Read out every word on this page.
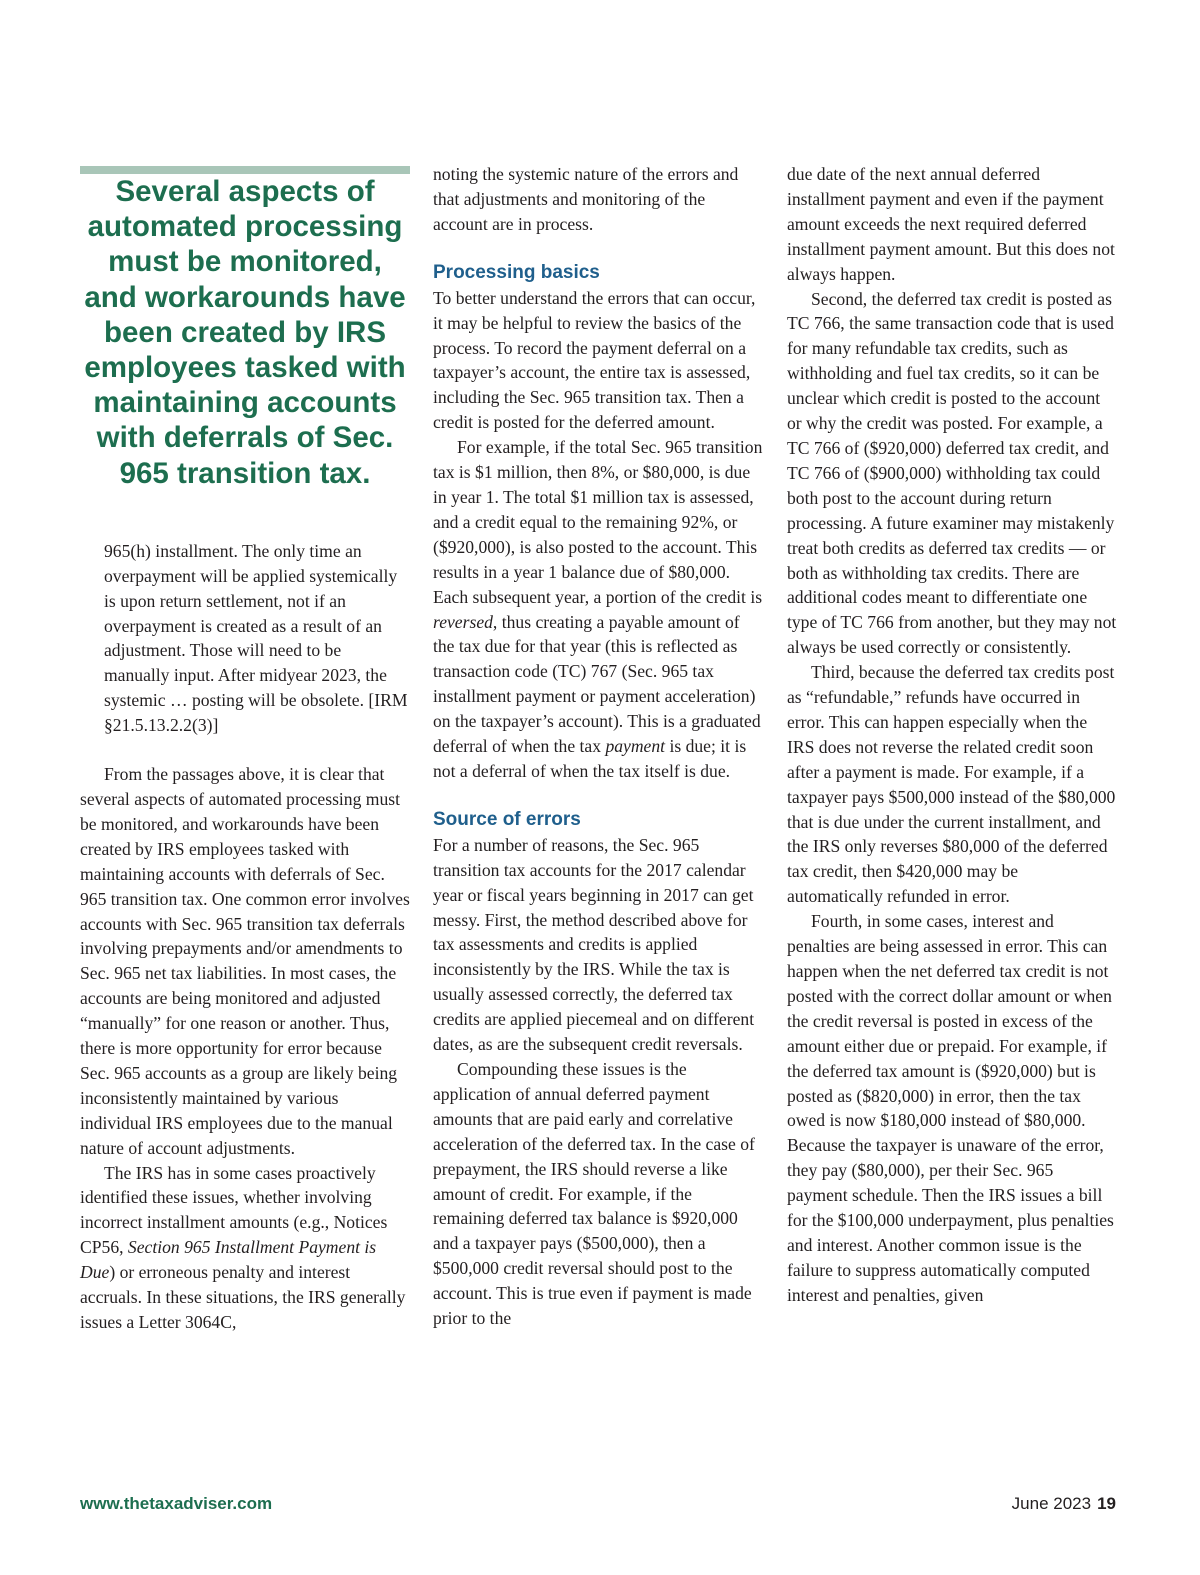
Several aspects of automated processing must be monitored, and workarounds have been created by IRS employees tasked with maintaining accounts with deferrals of Sec. 965 transition tax.

965(h) installment. The only time an overpayment will be applied systemically is upon return settlement, not if an overpayment is created as a result of an adjustment. Those will need to be manually input. After midyear 2023, the systemic … posting will be obsolete. [IRM §21.5.13.2.2(3)]

From the passages above, it is clear that several aspects of automated processing must be monitored, and workarounds have been created by IRS employees tasked with maintaining accounts with deferrals of Sec. 965 transition tax. One common error involves accounts with Sec. 965 transition tax deferrals involving prepayments and/or amendments to Sec. 965 net tax liabilities. In most cases, the accounts are being monitored and adjusted “manually” for one reason or another. Thus, there is more opportunity for error because Sec. 965 accounts as a group are likely being inconsistently maintained by various individual IRS employees due to the manual nature of account adjustments.

The IRS has in some cases proactively identified these issues, whether involving incorrect installment amounts (e.g., Notices CP56, Section 965 Installment Payment is Due) or erroneous penalty and interest accruals. In these situations, the IRS generally issues a Letter 3064C,

noting the systemic nature of the errors and that adjustments and monitoring of the account are in process.

Processing basics

To better understand the errors that can occur, it may be helpful to review the basics of the process. To record the payment deferral on a taxpayer’s account, the entire tax is assessed, including the Sec. 965 transition tax. Then a credit is posted for the deferred amount.

For example, if the total Sec. 965 transition tax is $1 million, then 8%, or $80,000, is due in year 1. The total $1 million tax is assessed, and a credit equal to the remaining 92%, or ($920,000), is also posted to the account. This results in a year 1 balance due of $80,000. Each subsequent year, a portion of the credit is reversed, thus creating a payable amount of the tax due for that year (this is reflected as transaction code (TC) 767 (Sec. 965 tax installment payment or payment acceleration) on the taxpayer’s account). This is a graduated deferral of when the tax payment is due; it is not a deferral of when the tax itself is due.

Source of errors

For a number of reasons, the Sec. 965 transition tax accounts for the 2017 calendar year or fiscal years beginning in 2017 can get messy. First, the method described above for tax assessments and credits is applied inconsistently by the IRS. While the tax is usually assessed correctly, the deferred tax credits are applied piecemeal and on different dates, as are the subsequent credit reversals.

Compounding these issues is the application of annual deferred payment amounts that are paid early and correlative acceleration of the deferred tax. In the case of prepayment, the IRS should reverse a like amount of credit. For example, if the remaining deferred tax balance is $920,000 and a taxpayer pays ($500,000), then a $500,000 credit reversal should post to the account. This is true even if payment is made prior to the

due date of the next annual deferred installment payment and even if the payment amount exceeds the next required deferred installment payment amount. But this does not always happen.

Second, the deferred tax credit is posted as TC 766, the same transaction code that is used for many refundable tax credits, such as withholding and fuel tax credits, so it can be unclear which credit is posted to the account or why the credit was posted. For example, a TC 766 of ($920,000) deferred tax credit, and TC 766 of ($900,000) withholding tax could both post to the account during return processing. A future examiner may mistakenly treat both credits as deferred tax credits — or both as withholding tax credits. There are additional codes meant to differentiate one type of TC 766 from another, but they may not always be used correctly or consistently.

Third, because the deferred tax credits post as “refundable,” refunds have occurred in error. This can happen especially when the IRS does not reverse the related credit soon after a payment is made. For example, if a taxpayer pays $500,000 instead of the $80,000 that is due under the current installment, and the IRS only reverses $80,000 of the deferred tax credit, then $420,000 may be automatically refunded in error.

Fourth, in some cases, interest and penalties are being assessed in error. This can happen when the net deferred tax credit is not posted with the correct dollar amount or when the credit reversal is posted in excess of the amount either due or prepaid. For example, if the deferred tax amount is ($920,000) but is posted as ($820,000) in error, then the tax owed is now $180,000 instead of $80,000. Because the taxpayer is unaware of the error, they pay ($80,000), per their Sec. 965 payment schedule. Then the IRS issues a bill for the $100,000 underpayment, plus penalties and interest. Another common issue is the failure to suppress automatically computed interest and penalties, given

www.thetaxadviser.com	June 2023 19
